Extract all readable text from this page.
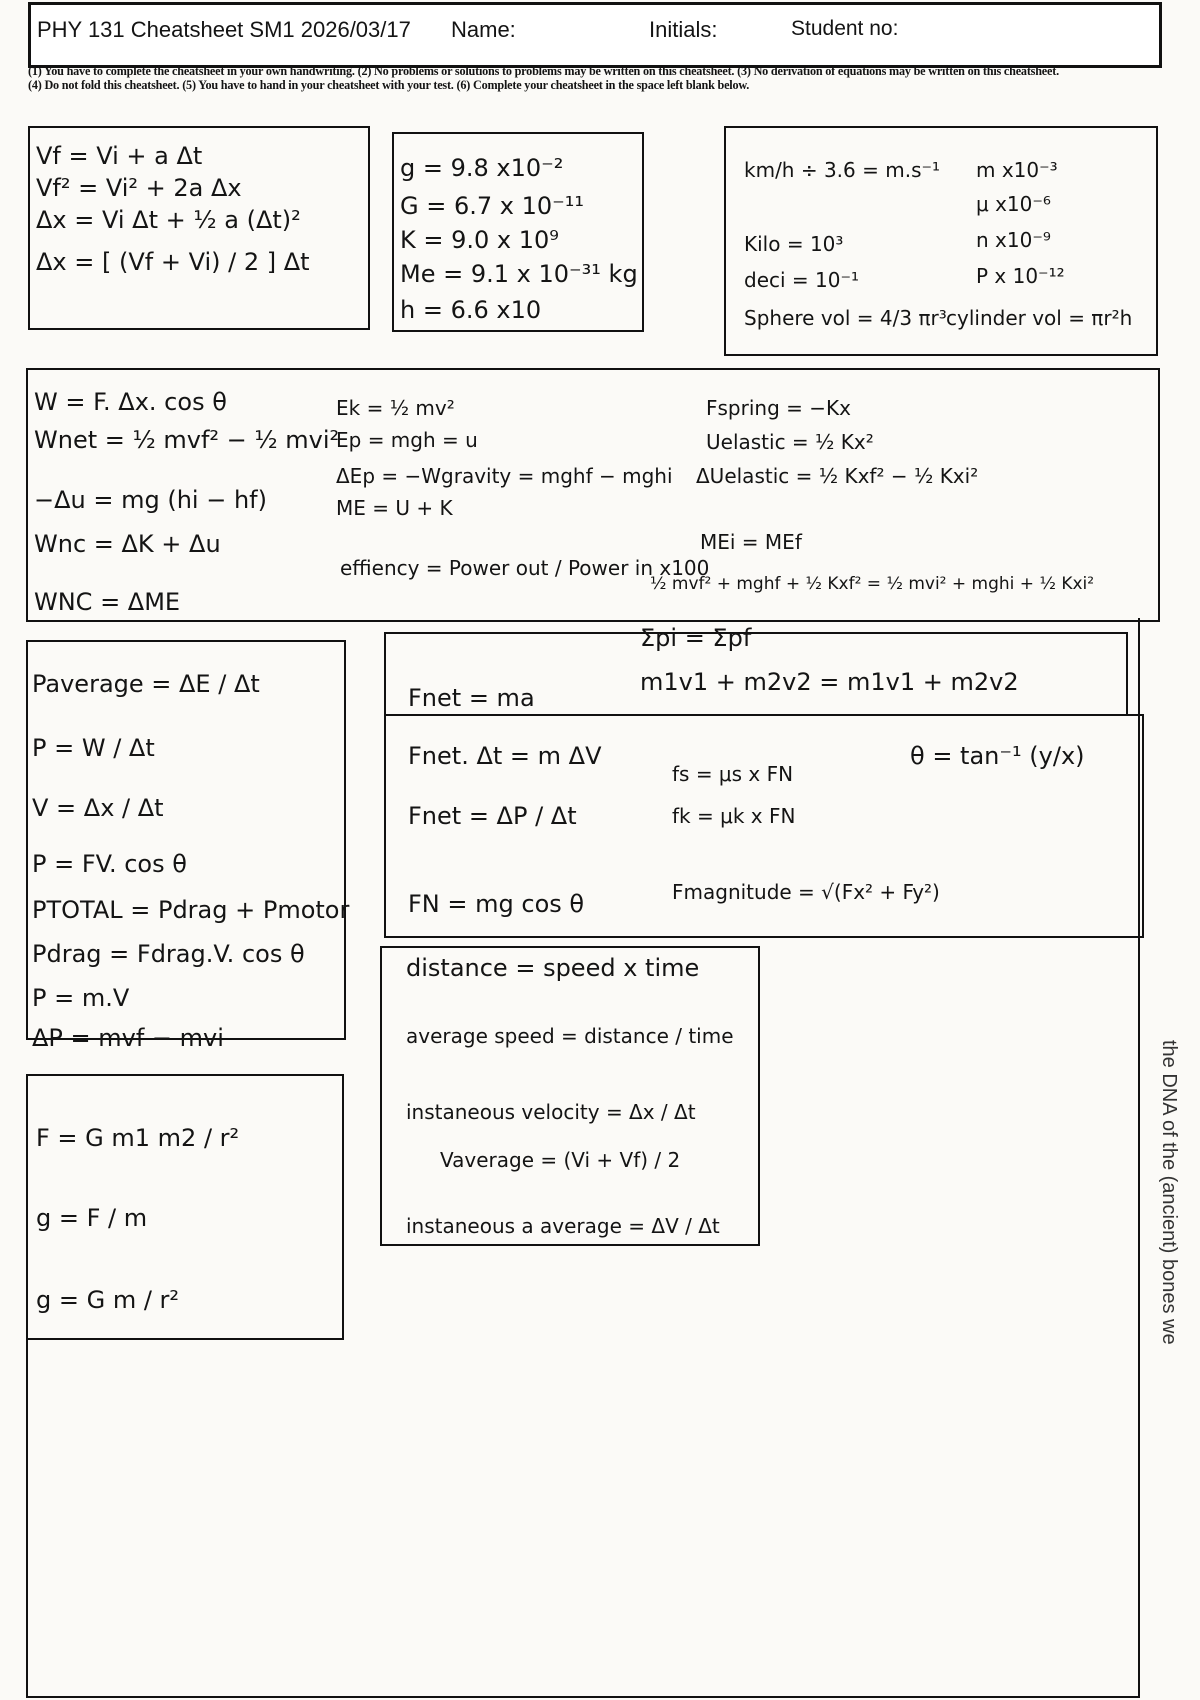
PHY 131 Cheatsheet SM1 2026/03/17 Name:	Initials:	Student no:
(1) You have to complete the cheatsheet in your own handwriting. (2) No problems or solutions to problems may be written on this cheatsheet. (3) No derivation of equations may be written on this cheatsheet.
(4) Do not fold this cheatsheet. (5) You have to hand in your cheatsheet with your test. (6) Complete your cheatsheet in the space left blank below.
Vf = Vi + a Δt
Vf² = Vi² + 2a Δx
Δx = Vi Δt + ½ a (Δt)²
Δx = [ (Vf + Vi) / 2 ] Δt
g = 9.8 x10⁻²
G = 6.7 x 10⁻¹¹
K = 9.0 x 10⁹
Me = 9.1 x 10⁻³¹ kg
h = 6.6 x10
km/h ÷ 3.6 = m.s⁻¹
Kilo = 10³
deci = 10⁻¹
Sphere vol = 4/3 πr³
m x10⁻³
μ x10⁻⁶
n x10⁻⁹
P x 10⁻¹²
cylinder vol = πr²h
W = F. Δx. cos θ
Wnet = ½ mvf² − ½ mvi²
−Δu = mg (hi − hf)
Wnc = ΔK + Δu
WNC = ΔME
Ek = ½ mv²
Ep = mgh = u
ΔEp = −Wgravity = mghf − mghi
ME = U + K
effiency = Power out / Power in x100
Fspring = −Kx
Uelastic = ½ Kx²
ΔUelastic = ½ Kxf² − ½ Kxi²
MEi = MEf
½ mvf² + mghf + ½ Kxf² = ½ mvi² + mghi + ½ Kxi²
Paverage = ΔE / Δt
P = W / Δt
V = Δx / Δt
P = FV. cos θ
PTOTAL = Pdrag + Pmotor
Pdrag = Fdrag.V. cos θ
P = m.V
ΔP = mvf − mvi
Σpi = Σpf
m1v1 + m2v2 = m1v1 + m2v2
Fnet = ma
Fnet. Δt = m ΔV
Fnet = ΔP / Δt
FN = mg cos θ
fs = μs x FN
fk = μk x FN
θ = tan⁻¹ (y/x)
Fmagnitude = √(Fx² + Fy²)
distance = speed x time
average speed = distance / time
instaneous velocity = Δx / Δt
Vaverage = (Vi + Vf) / 2
instaneous a average = ΔV / Δt
F = G m1 m2 / r²
g = F / m
g = G m / r²	the DNA of the (ancient) bones we
